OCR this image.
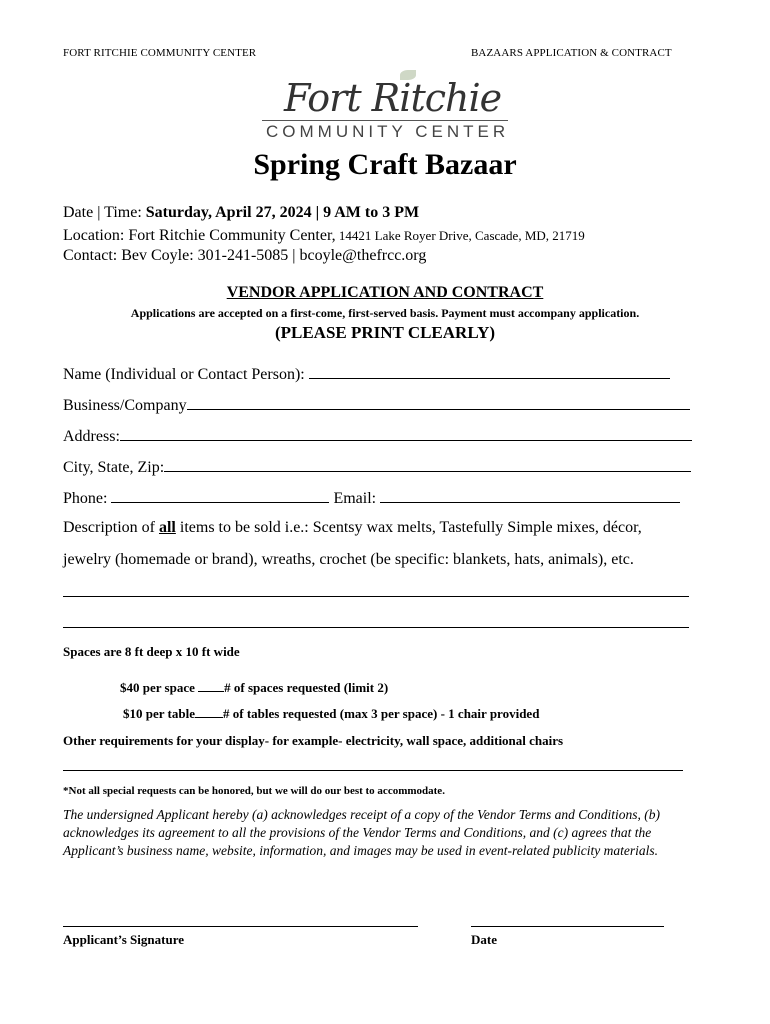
FORT RITCHIE COMMUNITY CENTER	BAZAARS APPLICATION & CONTRACT
Fort Ritchie
COMMUNITY CENTER
Spring Craft Bazaar
Date | Time: Saturday, April 27, 2024 | 9 AM to 3 PM
Location: Fort Ritchie Community Center, 14421 Lake Royer Drive, Cascade, MD, 21719
Contact: Bev Coyle: 301-241-5085 | bcoyle@thefrcc.org
VENDOR APPLICATION AND CONTRACT
Applications are accepted on a first-come, first-served basis. Payment must accompany application.
(PLEASE PRINT CLEARLY)
Name (Individual or Contact Person):
Business/Company
Address:
City, State, Zip:
Phone:	Email:
Description of all items to be sold i.e.: Scentsy wax melts, Tastefully Simple mixes, décor,
jewelry (homemade or brand), wreaths, crochet (be specific: blankets, hats, animals), etc.
Spaces are 8 ft deep x 10 ft wide
$40 per space # of spaces requested (limit 2)
$10 per table # of tables requested (max 3 per space) - 1 chair provided
Other requirements for your display- for example- electricity, wall space, additional chairs
*Not all special requests can be honored, but we will do our best to accommodate.
The undersigned Applicant hereby (a) acknowledges receipt of a copy of the Vendor Terms and Conditions, (b) acknowledges its agreement to all the provisions of the Vendor Terms and Conditions, and (c) agrees that the Applicant’s business name, website, information, and images may be used in event-related publicity materials.
Applicant’s Signature	Date
